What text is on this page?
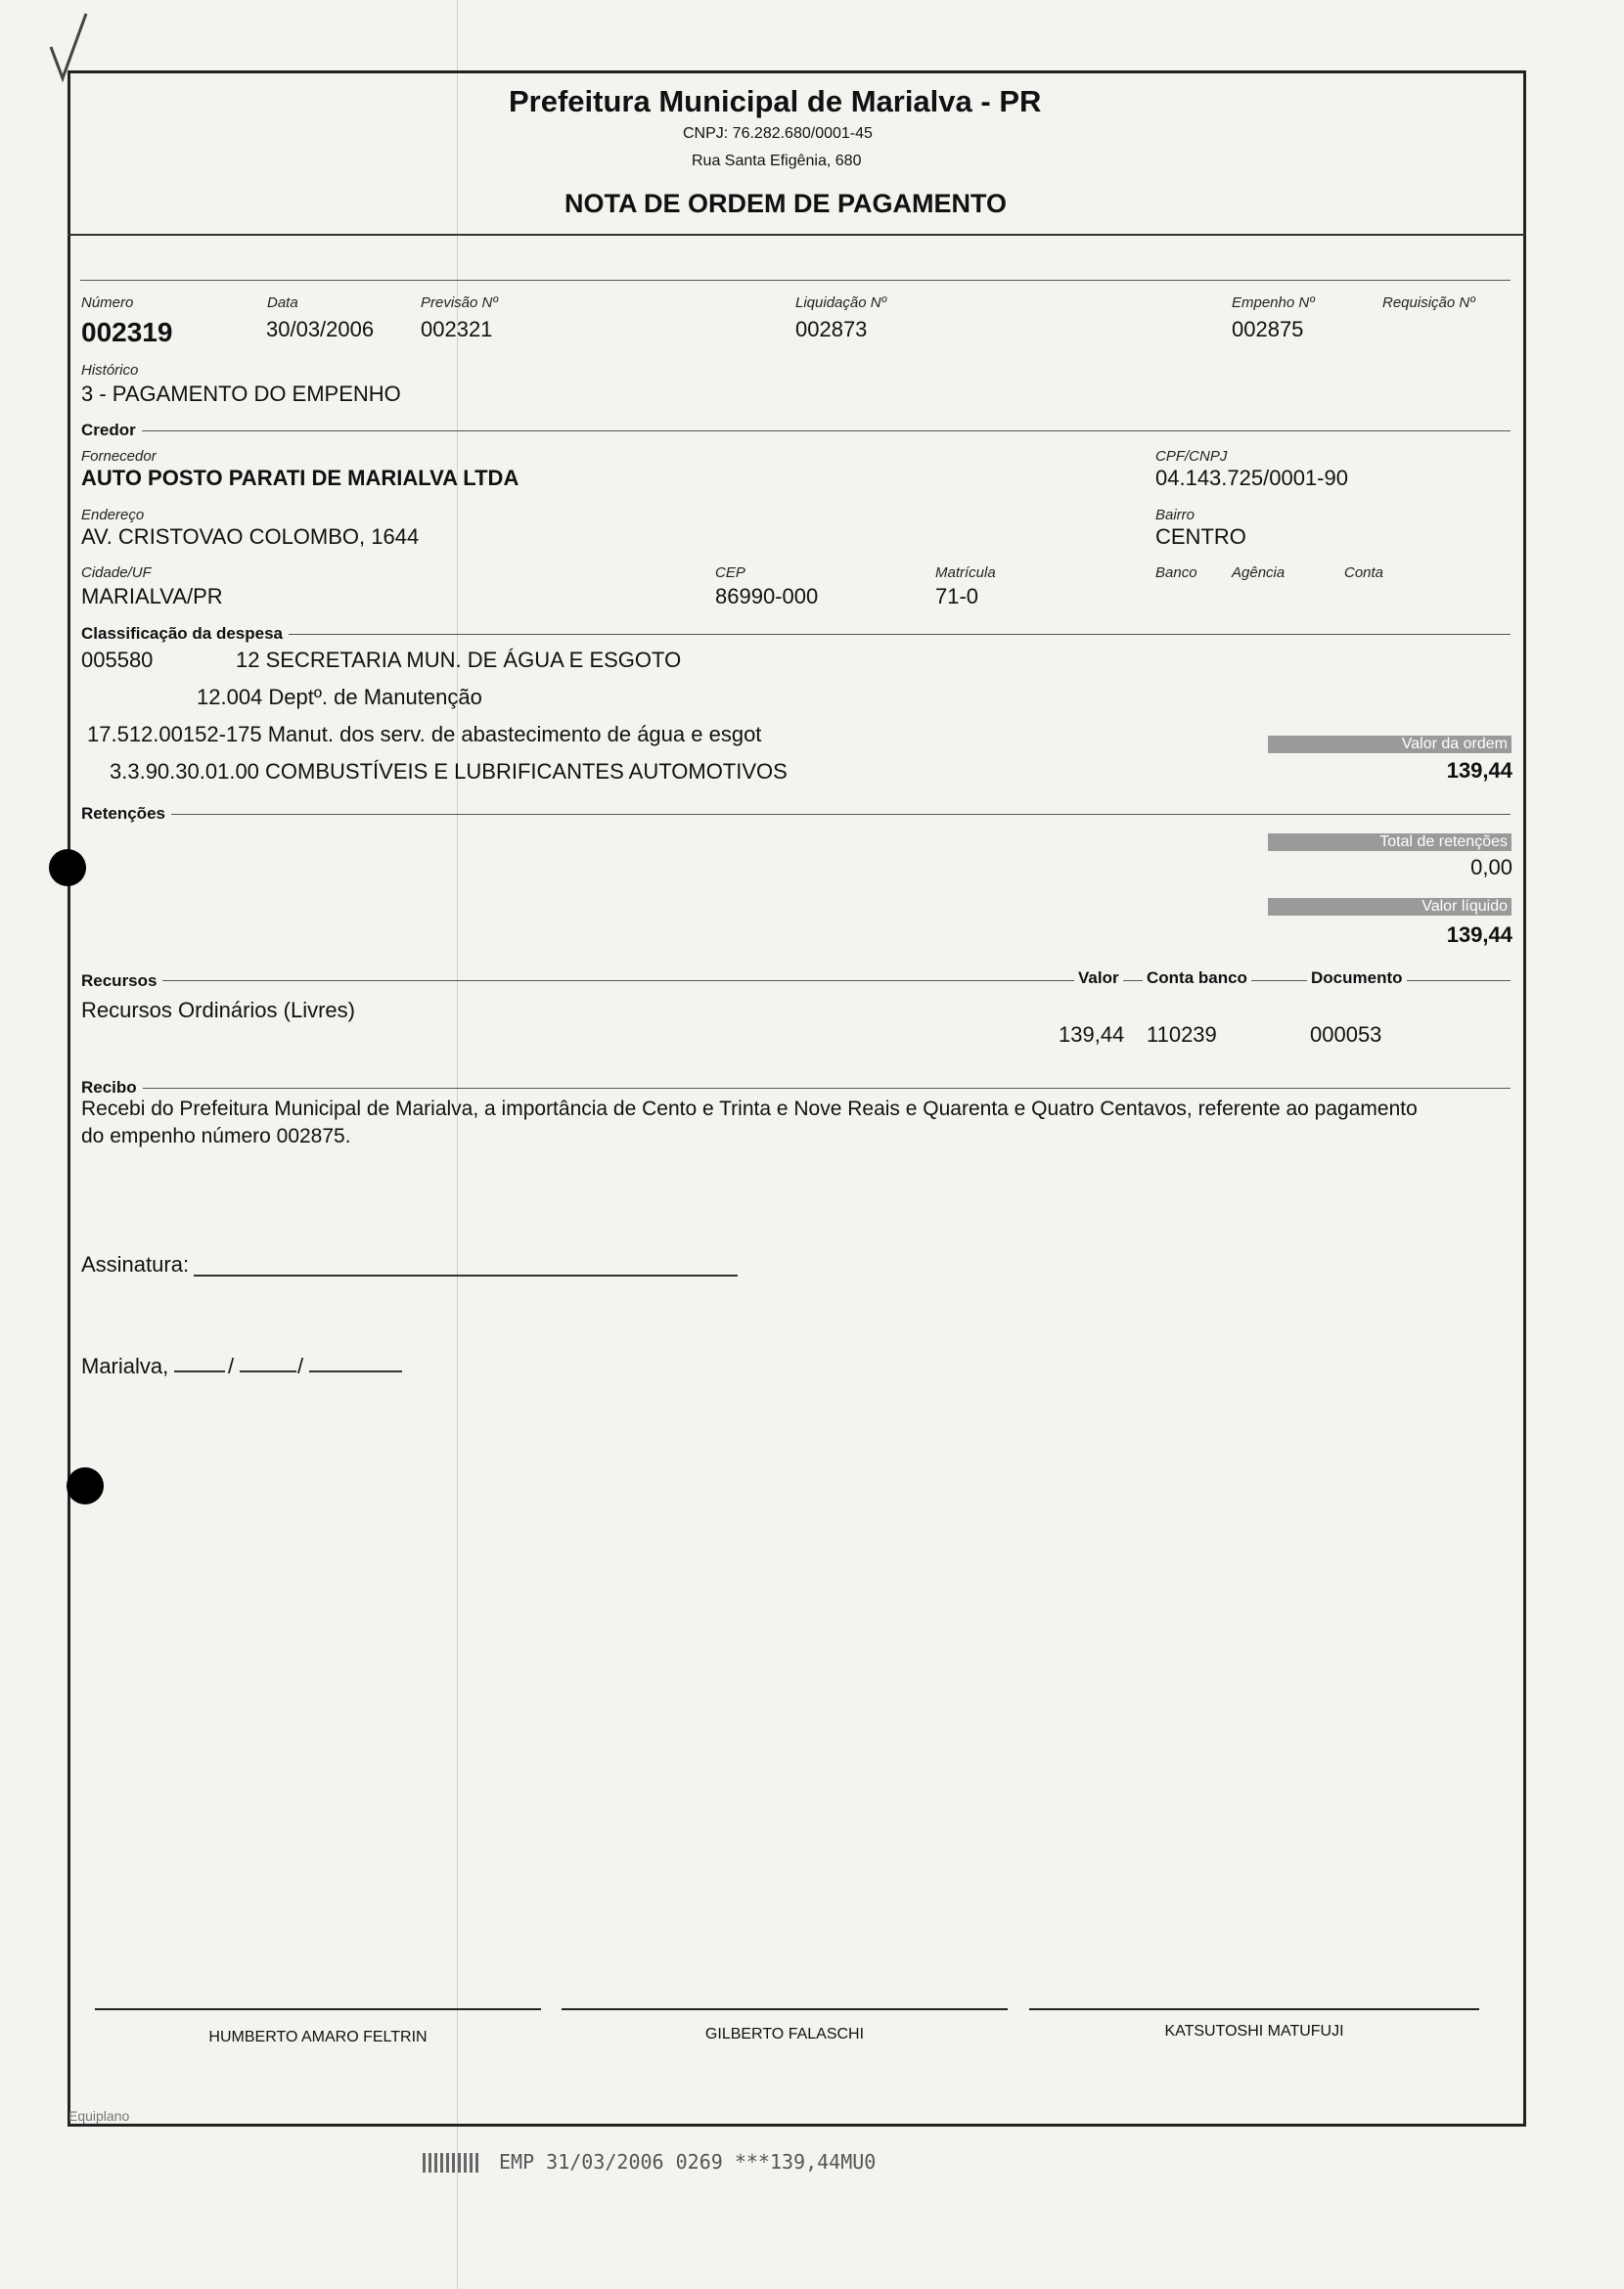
Prefeitura Municipal de Marialva - PR
CNPJ: 76.282.680/0001-45
Rua Santa Efigênia, 680
NOTA DE ORDEM DE PAGAMENTO
Número
002319
Data
30/03/2006
Previsão Nº
002321
Liquidação Nº
002873
Empenho Nº
002875
Requisição Nº
Histórico
3 - PAGAMENTO DO EMPENHO
Credor
Fornecedor
AUTO POSTO PARATI DE MARIALVA LTDA
CPF/CNPJ
04.143.725/0001-90
Endereço
AV. CRISTOVAO COLOMBO, 1644
Bairro
CENTRO
Cidade/UF
MARIALVA/PR
CEP
86990-000
Matrícula
71-0
Banco Agência	Conta
Classificação da despesa
005580	12 SECRETARIA MUN. DE ÁGUA E ESGOTO
12.004 Deptº. de Manutenção
17.512.00152-175 Manut. dos serv. de abastecimento de água e esgot
3.3.90.30.01.00 COMBUSTÍVEIS E LUBRIFICANTES AUTOMOTIVOS
Valor da ordem
139,44
Retenções
Total de retenções
0,00
Valor líquido
139,44
Recursos	Valor Conta banco	Documento
Recursos Ordinários (Livres)
139,44 110239	000053
Recibo
Recebi do Prefeitura Municipal de Marialva, a importância de Cento e Trinta e Nove Reais e Quarenta e Quatro Centavos, referente ao pagamento
do empenho número 002875.
Assinatura:
Marialva,	/	/
HUMBERTO AMARO FELTRIN	GILBERTO FALASCHI	KATSUTOSHI MATUFUJI
Equiplano
EMP 31/03/2006 0269 ***139,44MU0
